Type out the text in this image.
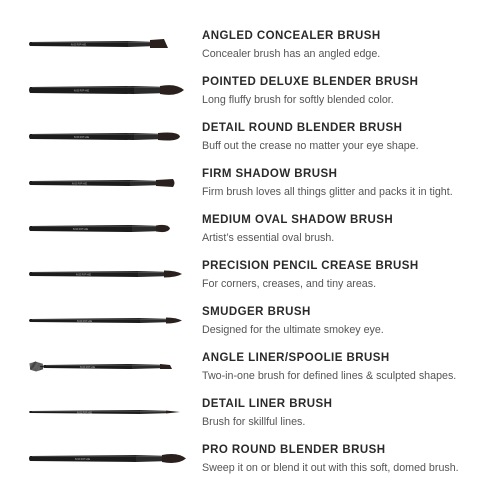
MORPHE
ANGLED CONCEALER BRUSH
Concealer brush has an angled edge.
MORPHE
POINTED DELUXE BLENDER BRUSH
Long fluffy brush for softly blended color.
MORPHE
DETAIL ROUND BLENDER BRUSH
Buff out the crease no matter your eye shape.
MORPHE
FIRM SHADOW BRUSH
Firm brush loves all things glitter and packs it in tight.
MORPHE
MEDIUM OVAL SHADOW BRUSH
Artist’s essential oval brush.
MORPHE
PRECISION PENCIL CREASE BRUSH
For corners, creases, and tiny areas.
MORPHE
SMUDGER BRUSH
Designed for the ultimate smokey eye.
MORPHE
ANGLE LINER/SPOOLIE BRUSH
Two-in-one brush for defined lines & sculpted shapes.
MORPHE
DETAIL LINER BRUSH
Brush for skillful lines.
MORPHE
PRO ROUND BLENDER BRUSH
Sweep it on or blend it out with this soft, domed brush.
